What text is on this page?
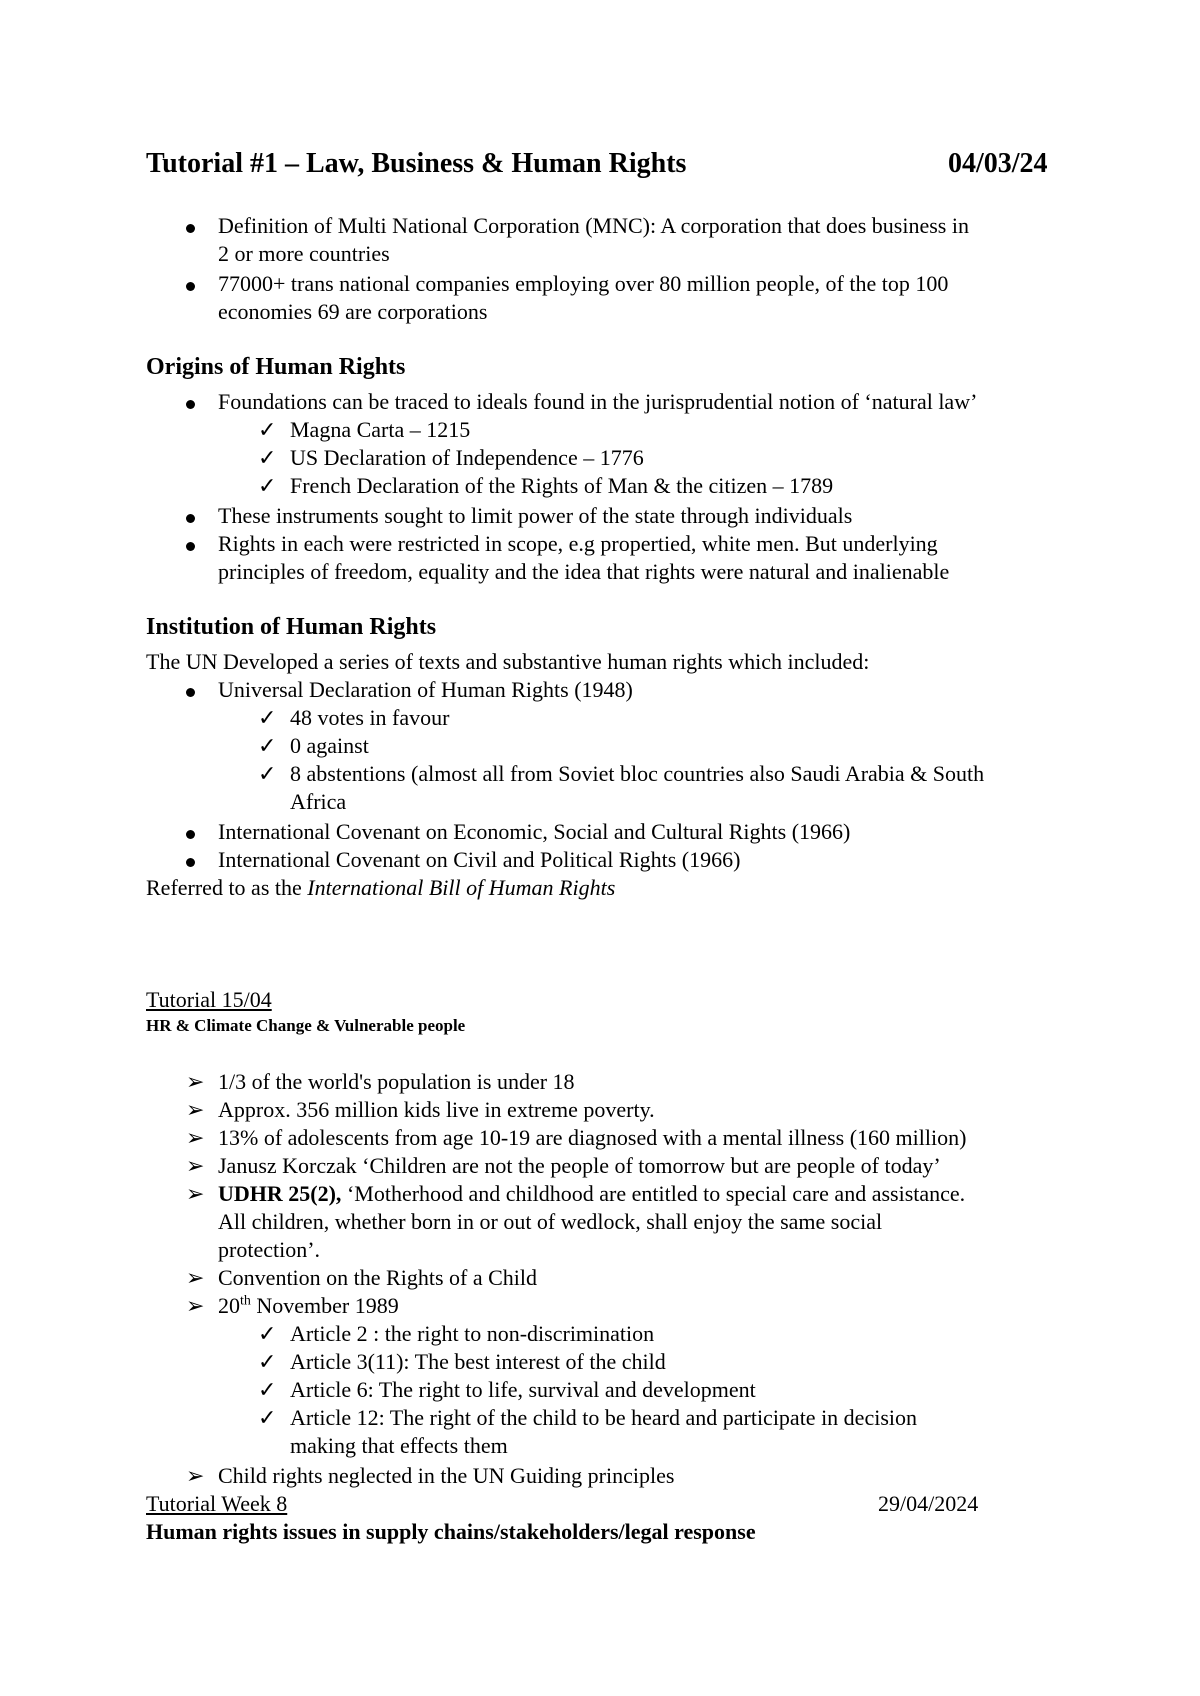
Tutorial #1 – Law, Business & Human Rights	04/03/24
Definition of Multi National Corporation (MNC): A corporation that does business in
2 or more countries
77000+ trans national companies employing over 80 million people, of the top 100
economies 69 are corporations
Origins of Human Rights
Foundations can be traced to ideals found in the jurisprudential notion of ‘natural law’
✓ Magna Carta – 1215
✓ US Declaration of Independence – 1776
✓ French Declaration of the Rights of Man & the citizen – 1789
These instruments sought to limit power of the state through individuals
Rights in each were restricted in scope, e.g propertied, white men. But underlying
principles of freedom, equality and the idea that rights were natural and inalienable
Institution of Human Rights
The UN Developed a series of texts and substantive human rights which included:
Universal Declaration of Human Rights (1948)
✓ 48 votes in favour
✓ 0 against
✓ 8 abstentions (almost all from Soviet bloc countries also Saudi Arabia & South
Africa
International Covenant on Economic, Social and Cultural Rights (1966)
International Covenant on Civil and Political Rights (1966)
Referred to as the International Bill of Human Rights
Tutorial 15/04
HR & Climate Change & Vulnerable people
➢ 1/3 of the world's population is under 18
➢ Approx. 356 million kids live in extreme poverty.
➢ 13% of adolescents from age 10-19 are diagnosed with a mental illness (160 million)
➢ Janusz Korczak ‘Children are not the people of tomorrow but are people of today’
➢ UDHR 25(2), ‘Motherhood and childhood are entitled to special care and assistance.
All children, whether born in or out of wedlock, shall enjoy the same social
protection’.
➢ Convention on the Rights of a Child
➢ 20th November 1989
✓ Article 2 : the right to non-discrimination
✓ Article 3(11): The best interest of the child
✓ Article 6: The right to life, survival and development
✓ Article 12: The right of the child to be heard and participate in decision
making that effects them
➢ Child rights neglected in the UN Guiding principles
Tutorial Week 8	29/04/2024
Human rights issues in supply chains/stakeholders/legal response
